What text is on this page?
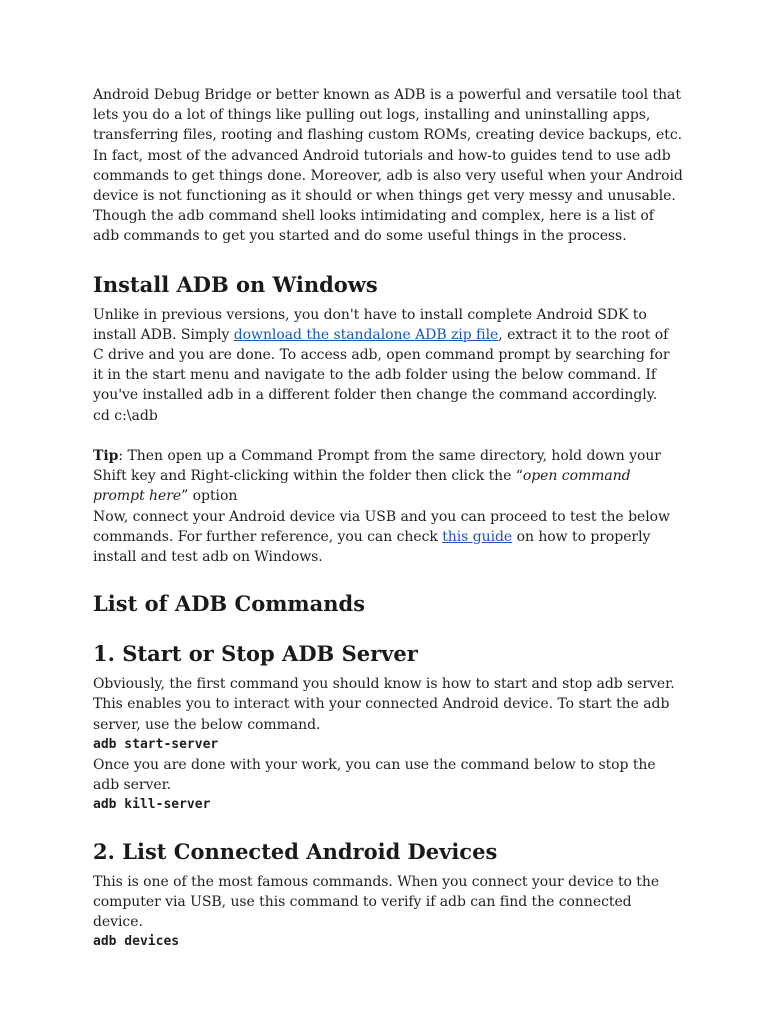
Android Debug Bridge or better known as ADB is a powerful and versatile tool that lets you do a lot of things like pulling out logs, installing and uninstalling apps, transferring files, rooting and flashing custom ROMs, creating device backups, etc. In fact, most of the advanced Android tutorials and how-to guides tend to use adb commands to get things done. Moreover, adb is also very useful when your Android device is not functioning as it should or when things get very messy and unusable. Though the adb command shell looks intimidating and complex, here is a list of adb commands to get you started and do some useful things in the process.

Install ADB on Windows

Unlike in previous versions, you don't have to install complete Android SDK to install ADB. Simply download the standalone ADB zip file, extract it to the root of C drive and you are done. To access adb, open command prompt by searching for it in the start menu and navigate to the adb folder using the below command. If you've installed adb in a different folder then change the command accordingly.

cd c:\adb

Tip: Then open up a Command Prompt from the same directory, hold down your Shift key and Right-clicking within the folder then click the “open command prompt here” option

Now, connect your Android device via USB and you can proceed to test the below commands. For further reference, you can check this guide on how to properly install and test adb on Windows.

List of ADB Commands
1. Start or Stop ADB Server

Obviously, the first command you should know is how to start and stop adb server. This enables you to interact with your connected Android device. To start the adb server, use the below command.

adb start-server

Once you are done with your work, you can use the command below to stop the adb server.

adb kill-server
2. List Connected Android Devices

This is one of the most famous commands. When you connect your device to the computer via USB, use this command to verify if adb can find the connected device.

adb devices
